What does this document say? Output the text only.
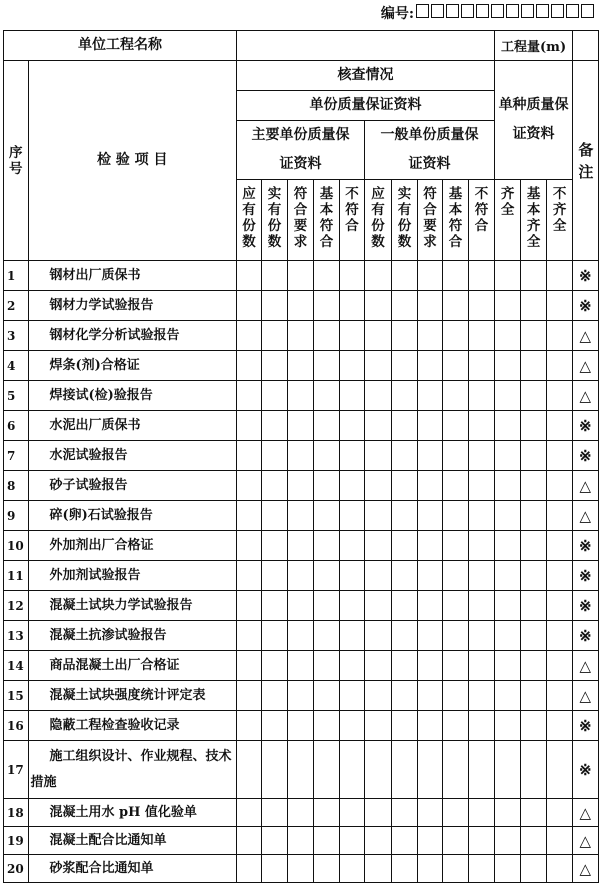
编号:
单位工程名称												工程量(m)			
序号	检 验 项 目	核查情况										单种质量保证资料			备注
		单份质量保证资料													
		主要单份质量保证资料					一般单份质量保证资料								
		应有份数	实有份数	符合要求	基本符合	不符合	应有份数	实有份数	符合要求	基本符合	不符合	齐全	基本齐全	不齐全	
1	钢材出厂质保书														※
2	钢材力学试验报告														※
3	钢材化学分析试验报告														△
4	焊条(剂)合格证														△
5	焊接试(检)验报告														△
6	水泥出厂质保书														※
7	水泥试验报告														※
8	砂子试验报告														△
9	碎(卵)石试验报告														△
10	外加剂出厂合格证														※
11	外加剂试验报告														※
12	混凝土试块力学试验报告														※
13	混凝土抗渗试验报告														※
14	商品混凝土出厂合格证														△
15	混凝土试块强度统计评定表														△
16	隐蔽工程检查验收记录														※
17	施工组织设计、作业规程、技术措施														※
18	混凝土用水 pH 值化验单														△
19	混凝土配合比通知单														△
20	砂浆配合比通知单														△
